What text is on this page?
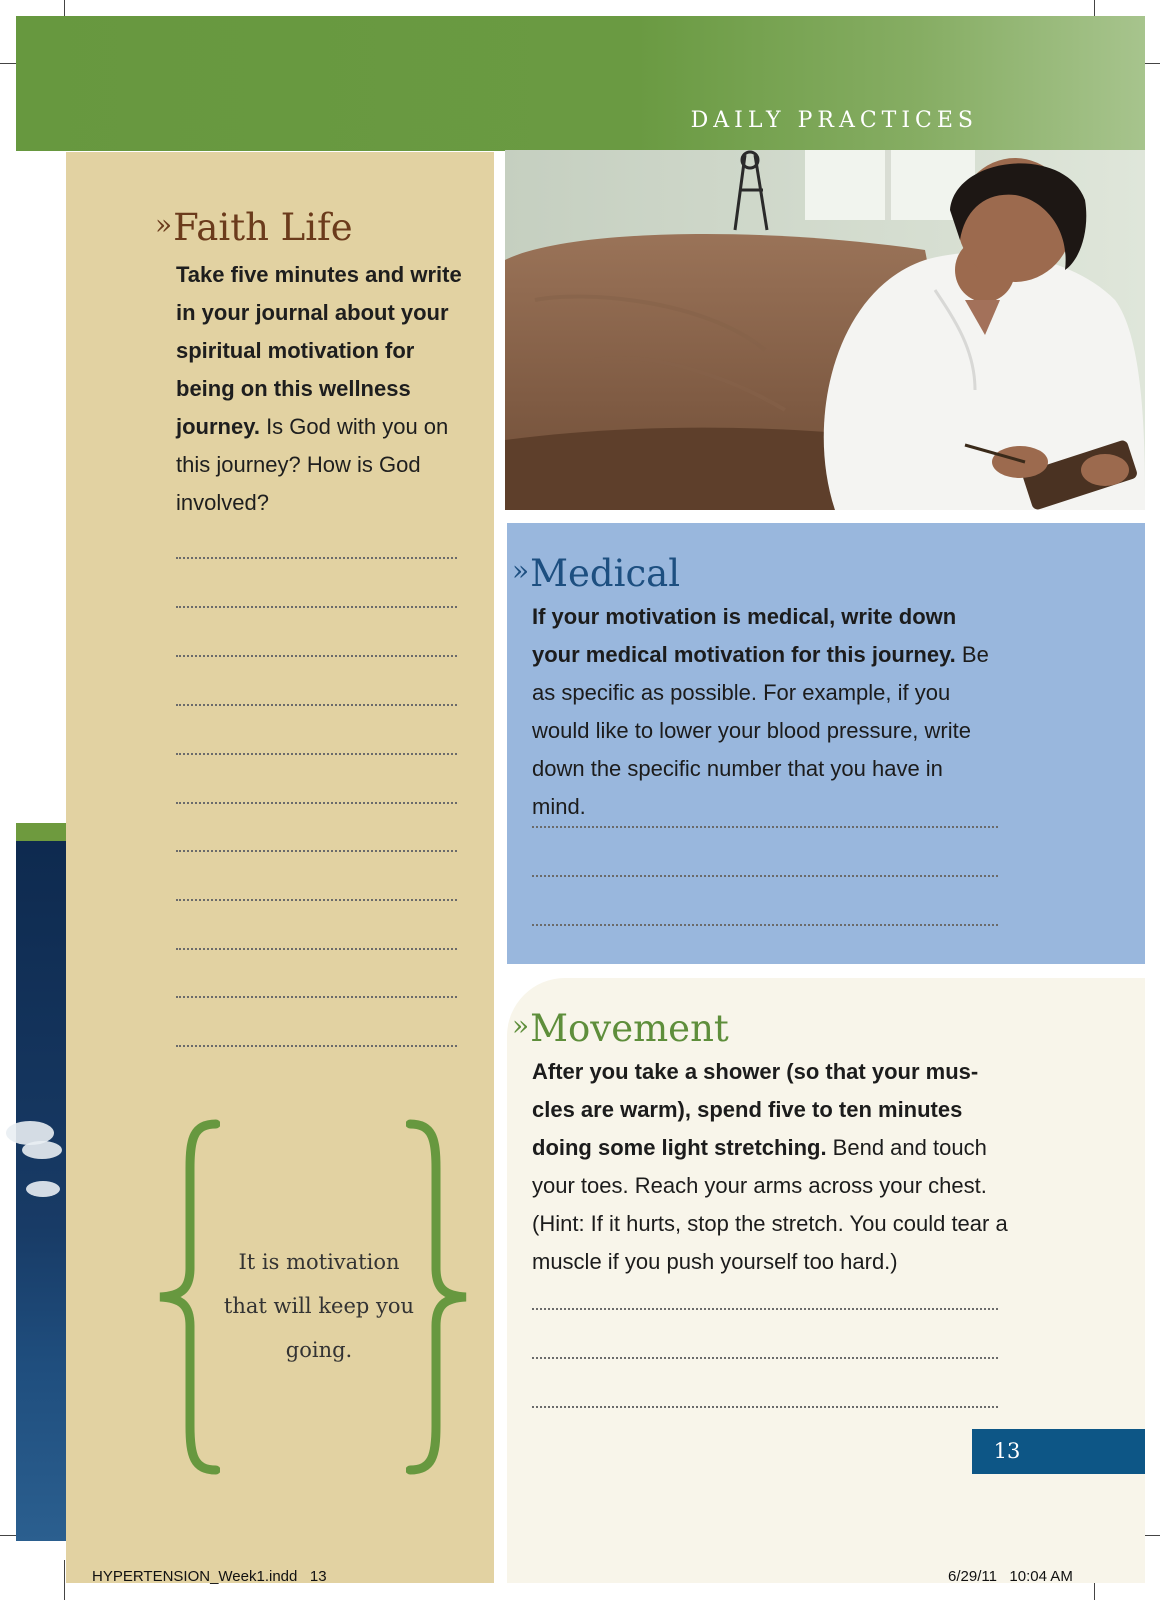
DAILY PRACTICES
»Faith Life
Take five minutes and write in your journal about your spiritual motivation for being on this wellness journey. Is God with you on this journey? How is God involved?
It is motivation that will keep you going.
»Medical
If your motivation is medical, write down your medical motivation for this journey. Be as specific as possible. For example, if you would like to lower your blood pressure, write down the specific number that you have in mind.
»Movement
After you take a shower (so that your mus-cles are warm), spend five to ten minutes doing some light stretching. Bend and touch your toes. Reach your arms across your chest. (Hint: If it hurts, stop the stretch. You could tear a muscle if you push yourself too hard.)
13
HYPERTENSION_Week1.indd   13	6/29/11   10:04 AM
